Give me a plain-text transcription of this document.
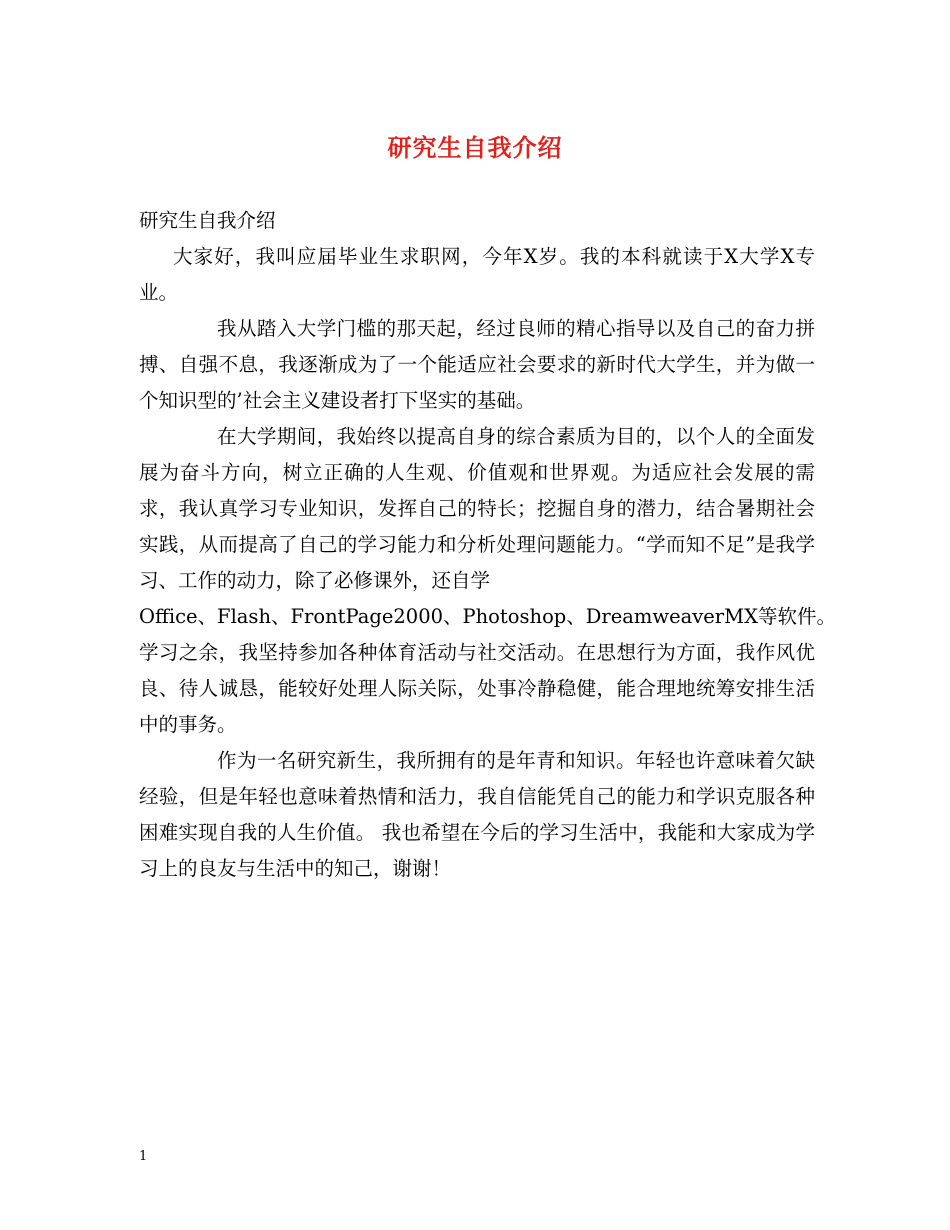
研究生自我介绍

研究生自我介绍

大家好，我叫应届毕业生求职网，今年X岁。我的本科就读于X大学X专业。

我从踏入大学门槛的那天起，经过良师的精心指导以及自己的奋力拼搏、自强不息，我逐渐成为了一个能适应社会要求的新时代大学生，并为做一个知识型的’社会主义建设者打下坚实的基础。

在大学期间，我始终以提高自身的综合素质为目的，以个人的全面发展为奋斗方向，树立正确的人生观、价值观和世界观。为适应社会发展的需求，我认真学习专业知识，发挥自己的特长；挖掘自身的潜力，结合暑期社会实践，从而提高了自己的学习能力和分析处理问题能力。“学而知不足”是我学习、工作的动力，除了必修课外，还自学

Office、Flash、FrontPage2000、Photoshop、DreamweaverMX等软件。

学习之余，我坚持参加各种体育活动与社交活动。在思想行为方面，我作风优良、待人诚恳，能较好处理人际关际，处事冷静稳健，能合理地统筹安排生活中的事务。

作为一名研究新生，我所拥有的是年青和知识。年轻也许意味着欠缺经验，但是年轻也意味着热情和活力，我自信能凭自己的能力和学识克服各种困难实现自我的人生价值。 我也希望在今后的学习生活中，我能和大家成为学习上的良友与生活中的知己，谢谢！

1
